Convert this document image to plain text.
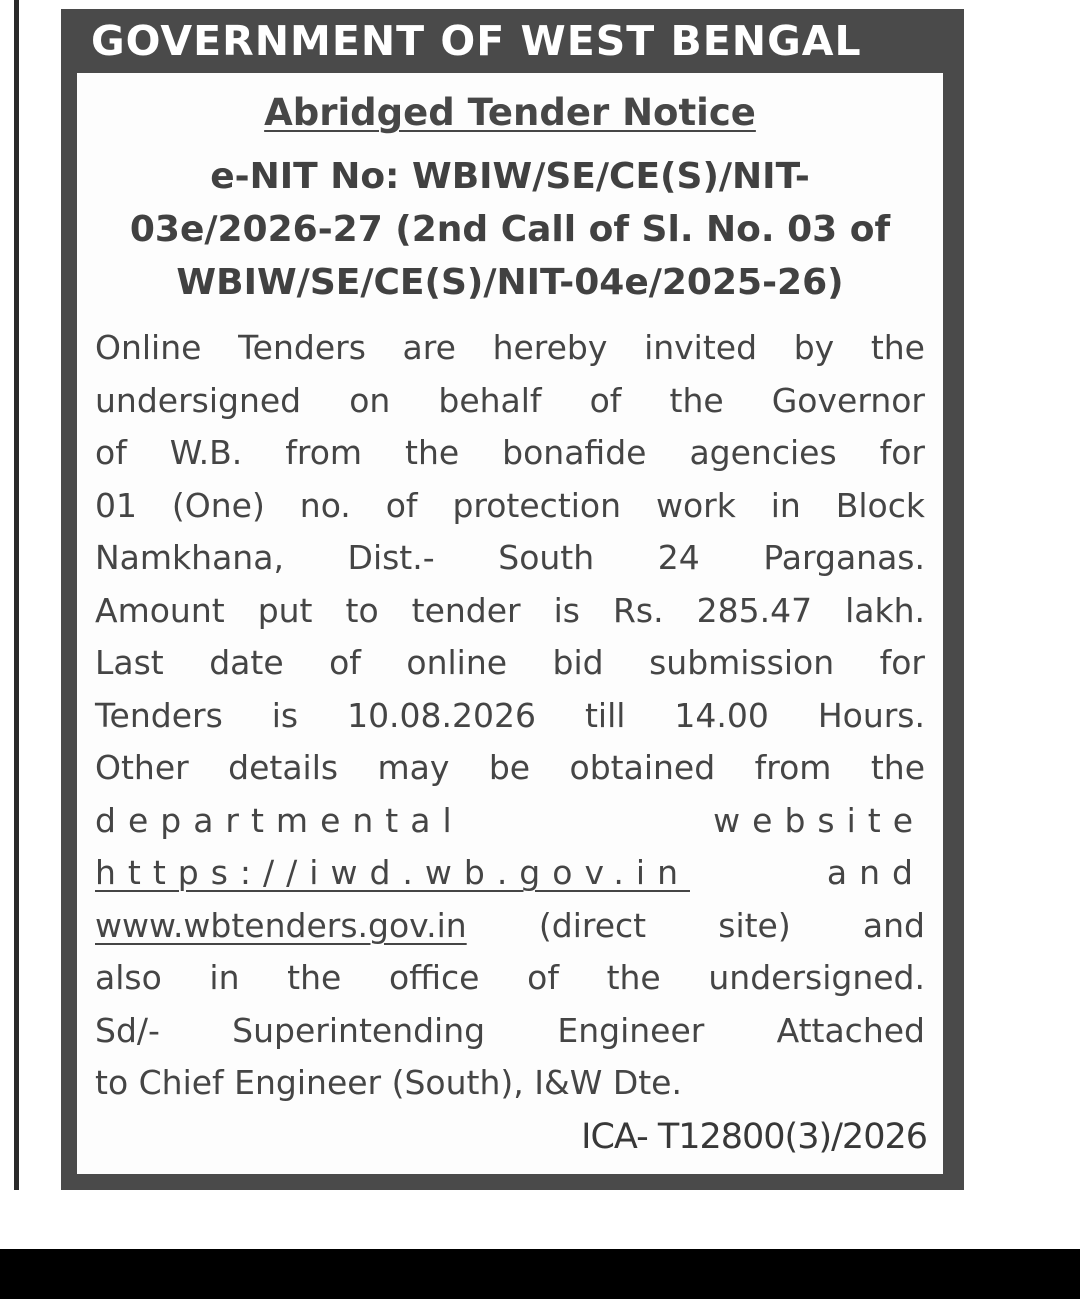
GOVERNMENT OF WEST BENGAL
Abridged Tender Notice
e-NIT No: WBIW/SE/CE(S)/NIT-
03e/2026-27 (2nd Call of Sl. No. 03 of
WBIW/SE/CE(S)/NIT-04e/2025-26)
Online Tenders are hereby invited by the
undersigned on behalf of the Governor
of W.B. from the bonafide agencies for
01 (One) no. of protection work in Block
Namkhana, Dist.- South 24 Parganas.
Amount put to tender is Rs. 285.47 lakh.
Last date of online bid submission for
Tenders is 10.08.2026 till 14.00 Hours.
Other details may be obtained from the
departmental website
https://iwd.wb.gov.in	and
www.wbtenders.gov.in (direct site) and
also in the office of the undersigned.
Sd/- Superintending Engineer Attached
to Chief Engineer (South), I&W Dte.

ICA- T12800(3)/2026
